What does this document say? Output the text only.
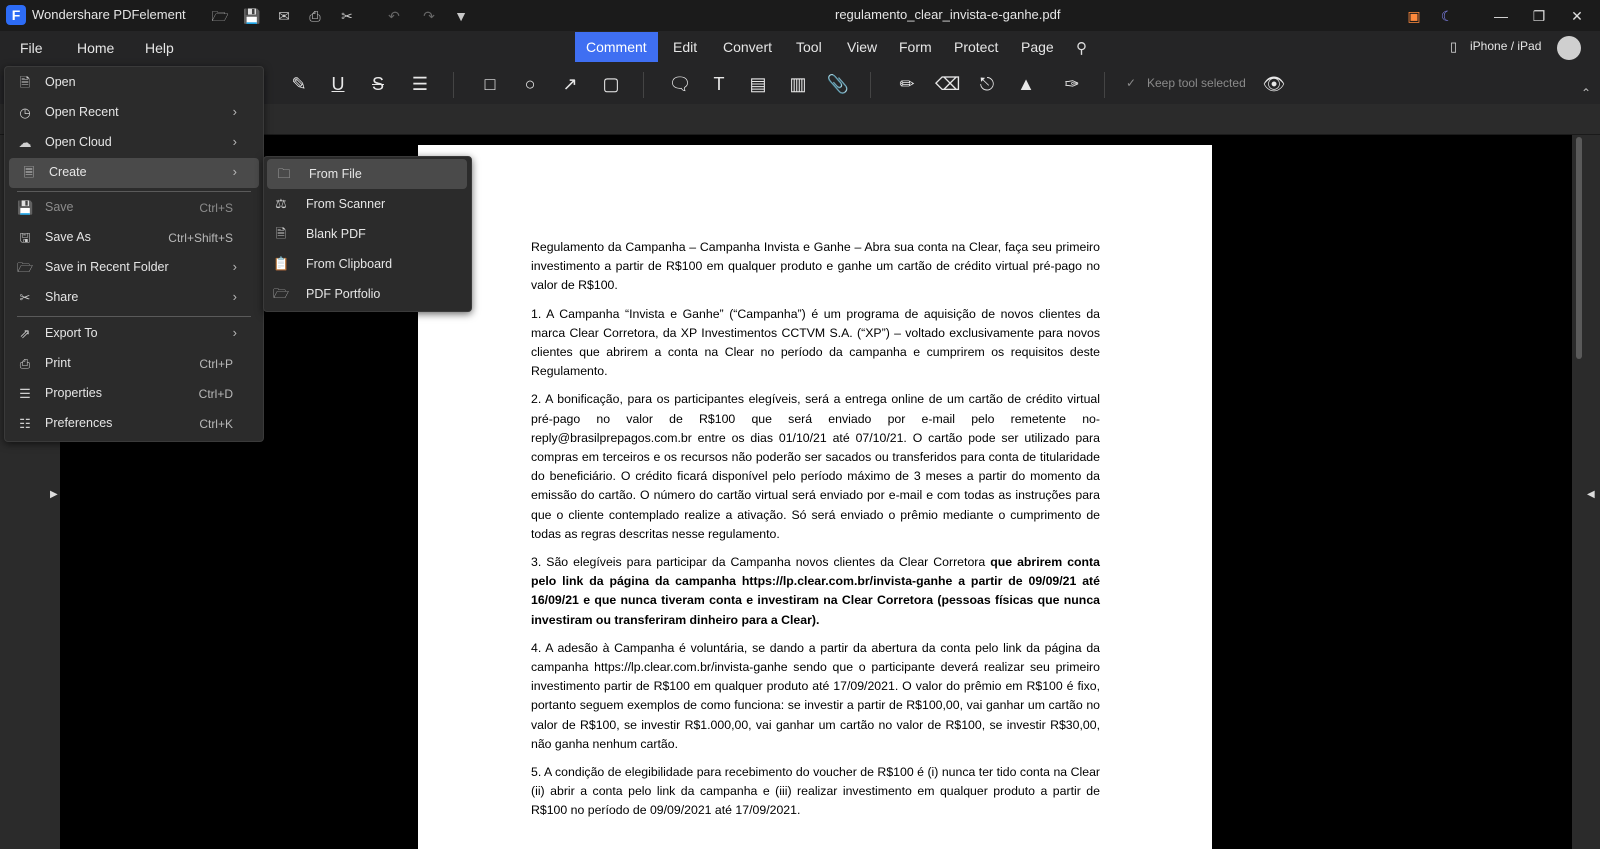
F Wondershare PDFelement 🗁 💾 ✉ ⎙ ✂	↶ ↷ ▼	regulamento_clear_invista-e-ganhe.pdf	▣ ☾	— ❐ ✕
File Home Help	Comment	Edit	Convert	Tool	View	Form	Protect	Page	⚲	▯ iPhone / iPad
✎	U	S	☰	□	○	↗ ▢	🗨	T	▤ ▥ 📎	✏ ⌫ ⎋ ▲ ✑	✓ Keep tool selected 👁	⌃
▶	◀

Regulamento da Campanha – Campanha Invista e Ganhe – Abra sua conta na Clear, faça seu primeiro investimento a partir de R$100 em qualquer produto e ganhe um cartão de crédito virtual pré-pago no valor de R$100.

1. A Campanha “Invista e Ganhe” (“Campanha”) é um programa de aquisição de novos clientes da marca Clear Corretora, da XP Investimentos CCTVM S.A. (“XP”) – voltado exclusivamente para novos clientes que abrirem a conta na Clear no período da campanha e cumprirem os requisitos deste Regulamento.

2. A bonificação, para os participantes elegíveis, será a entrega online de um cartão de crédito virtual pré-pago no valor de R$100 que será enviado por e-mail pelo remetente no-reply@brasilprepagos.com.br entre os dias 01/10/21 até 07/10/21. O cartão pode ser utilizado para compras em terceiros e os recursos não poderão ser sacados ou transferidos para conta de titularidade do beneficiário. O crédito ficará disponível pelo período máximo de 3 meses a partir do momento da emissão do cartão. O número do cartão virtual será enviado por e-mail e com todas as instruções para que o cliente contemplado realize a ativação. Só será enviado o prêmio mediante o cumprimento de todas as regras descritas nesse regulamento.

3. São elegíveis para participar da Campanha novos clientes da Clear Corretora que abrirem conta pelo link da página da campanha https://lp.clear.com.br/invista-ganhe a partir de 09/09/21 até 16/09/21 e que nunca tiveram conta e investiram na Clear Corretora (pessoas físicas que nunca investiram ou transferiram dinheiro para a Clear).

4. A adesão à Campanha é voluntária, se dando a partir da abertura da conta pelo link da página da campanha https://lp.clear.com.br/invista-ganhe sendo que o participante deverá realizar seu primeiro investimento partir de R$100 em qualquer produto até 17/09/2021. O valor do prêmio em R$100 é fixo, portanto seguem exemplos de como funciona: se investir a partir de R$100,00, vai ganhar um cartão no valor de R$100, se investir R$1.000,00, vai ganhar um cartão no valor de R$100, se investir R$30,00, não ganha nenhum cartão.

5. A condição de elegibilidade para recebimento do voucher de R$100 é (i) nunca ter tido conta na Clear (ii) abrir a conta pelo link da campanha e (iii) realizar investimento em qualquer produto a partir de R$100 no período de 09/09/2021 até 17/09/2021.

🗎 Open
◷ Open Recent	›
☁ Open Cloud	›
🗏 Create	›
💾 Save	Ctrl+S
🖫 Save As	Ctrl+Shift+S
🗁 Save in Recent Folder	›
✂ Share	›
⇗ Export To	›
⎙ Print	Ctrl+P
☰ Properties	Ctrl+D
☷ Preferences	Ctrl+K
🗀 From File
⚖ From Scanner
🗎 Blank PDF
📋 From Clipboard
🗁 PDF Portfolio
